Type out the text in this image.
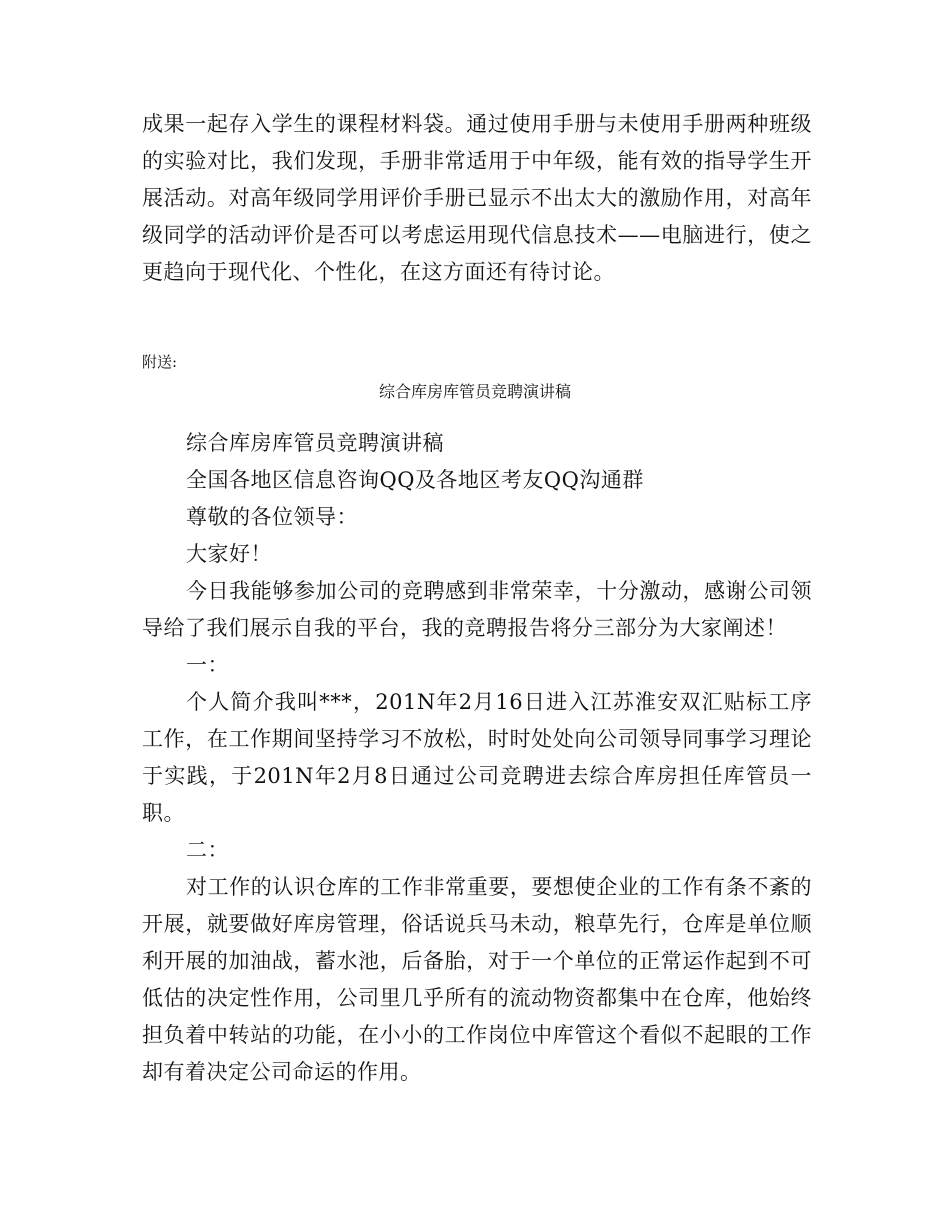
成果一起存入学生的课程材料袋。通过使用手册与未使用手册两种班级的实验对比，我们发现，手册非常适用于中年级，能有效的指导学生开展活动。对高年级同学用评价手册已显示不出太大的激励作用，对高年级同学的活动评价是否可以考虑运用现代信息技术——电脑进行，使之更趋向于现代化、个性化，在这方面还有待讨论。

附送:
综合库房库管员竞聘演讲稿

综合库房库管员竞聘演讲稿

全国各地区信息咨询QQ及各地区考友QQ沟通群

尊敬的各位领导：

大家好！

今日我能够参加公司的竞聘感到非常荣幸，十分激动，感谢公司领导给了我们展示自我的平台，我的竞聘报告将分三部分为大家阐述！

一：

个人简介我叫***，201N年2月16日进入江苏淮安双汇贴标工序工作，在工作期间坚持学习不放松，时时处处向公司领导同事学习理论于实践，于201N年2月8日通过公司竞聘进去综合库房担任库管员一职。

二：

对工作的认识仓库的工作非常重要，要想使企业的工作有条不紊的开展，就要做好库房管理，俗话说兵马未动，粮草先行，仓库是单位顺利开展的加油战，蓄水池，后备胎，对于一个单位的正常运作起到不可低估的决定性作用，公司里几乎所有的流动物资都集中在仓库，他始终担负着中转站的功能，在小小的工作岗位中库管这个看似不起眼的工作却有着决定公司命运的作用。
